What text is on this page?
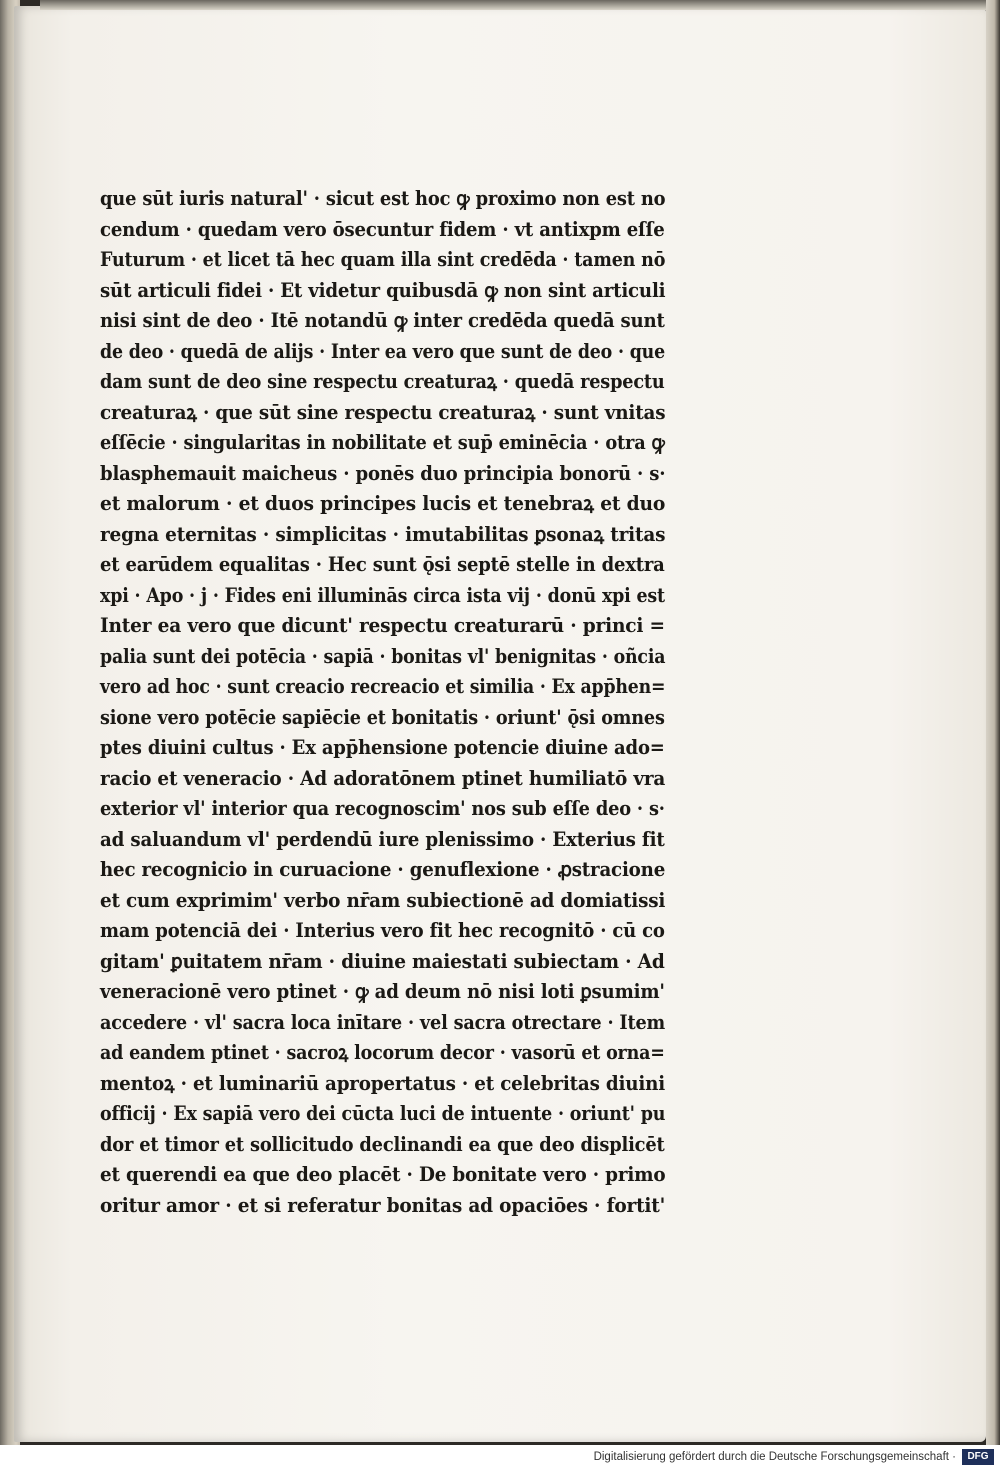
que sūt iuris natural' · sicut est hoc ꝙ proximo non est no
cendum · quedam vero ōsecuntur fidem · vt antixpm eſſe
Futurum · et licet tā hec quam illa sint credēda · tamen nō
sūt articuli fidei · Et videtur quibusdā ꝙ non sint articuli
nisi sint de deo · Itē notandū ꝙ inter credēda quedā sunt
de deo · quedā de alijs · Inter ea vero que sunt de deo · que
dam sunt de deo sine respectu creaturaꝝ · quedā respectu
creaturaꝝ · que sūt sine respectu creaturaꝝ · sunt vnitas
eſſēcie · singularitas in nobilitate et sup̄ eminēcia · otra ꝙ
blasphemauit maicheus · ponēs duo principia bonorū · s·
et malorum · et duos principes lucis et tenebraꝝ et duo
regna eternitas · simplicitas · imutabilitas ꝑsonaꝝ tritas
et earūdem equalitas · Hec sunt ǭsi septē stelle in dextra
xpi · Apo · j · Fides eni illuminās circa ista vij · donū xpi est
Inter ea vero que dicunt' respectu creaturarū · princi =
palia sunt dei potēcia · sapiā · bonitas vl' benignitas · oñcia
vero ad hoc · sunt creacio recreacio et similia · Ex app̄hen=
sione vero potēcie sapiēcie et bonitatis · oriunt' ǭsi omnes
ptes diuini cultus · Ex app̄hensione potencie diuine ado=
racio et veneracio · Ad adoratōnem ptinet humiliatō vra
exterior vl' interior qua recognoscim' nos sub eſſe deo · s·
ad saluandum vl' perdendū iure plenissimo · Exterius fit
hec recognicio in curuacione · genuflexione · ꝓstracione
et cum exprimim' verbo nr̄am subiectionē ad domiatissi
mam potenciā dei · Interius vero fit hec recognitō · cū co
gitam' ꝑuitatem nr̄am · diuine maiestati subiectam · Ad
veneracionē vero ptinet · ꝙ ad deum nō nisi loti ꝑsumim'
accedere · vl' sacra loca inītare · vel sacra otrectare · Item
ad eandem ptinet · sacroꝝ locorum decor · vasorū et orna=
mentoꝝ · et luminariū apropertatus · et celebritas diuini
officij · Ex sapiā vero dei cūcta luci de intuente · oriunt' pu
dor et timor et sollicitudo declinandi ea que deo displicēt
et querendi ea que deo placēt · De bonitate vero · primo
oritur amor · et si referatur bonitas ad opaciōes · fortit'
Digitalisierung gefördert durch die Deutsche Forschungsgemeinschaft ·	DFG
